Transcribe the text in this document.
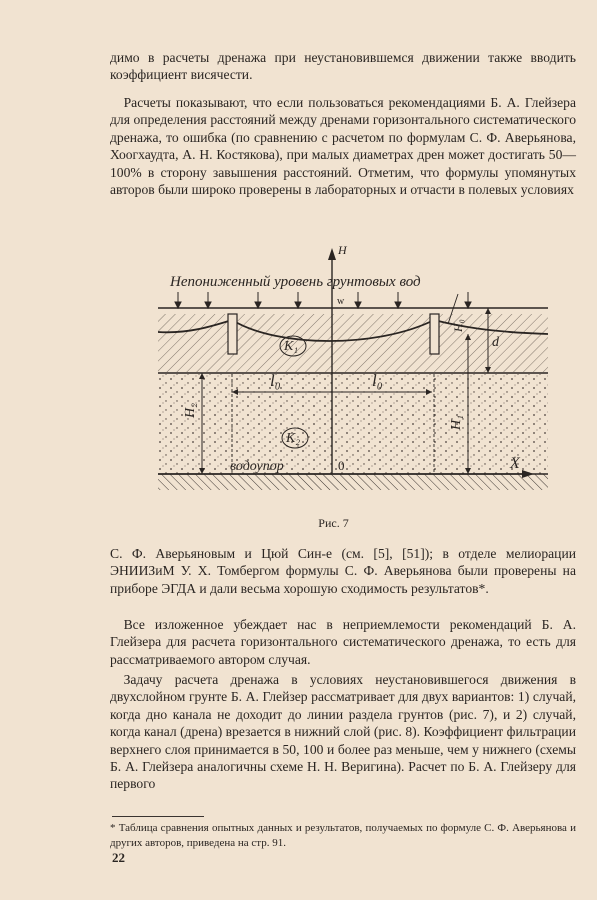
димо в расчеты дренажа при неустановившемся движении также вводить коэффициент висячести.

 Расчеты показывают, что если пользоваться рекомендациями Б. А. Глейзера для определения расстояний между дренами горизонтального систематического дренажа, то ошибка (по сравнению с расчетом по формулам С. Ф. Аверьянова, Хоогхаудта, А. Н. Костякова), при малых диаметрах дрен может достигать 50—100% в сторону завышения расстояний. Отметим, что формулы упомянутых авторов были широко проверены в лабораторных и отчасти в полевых условиях

Непониженный уровень грунтовых вод
Н
w
К₁
К₂
l₀	l₀
Н₂
Н₁
Н₀
d
водоупор	0	Х
Рис. 7

С. Ф. Аверьяновым и Цюй Син-е (см. [5], [51]); в отделе мелиорации ЭНИИЗиМ У. Х. Томбергом формулы С. Ф. Аверьянова были проверены на приборе ЭГДА и дали весьма хорошую сходимость результатов*.

 Все изложенное убеждает нас в неприемлемости рекомендаций Б. А. Глейзера для расчета горизонтального систематического дренажа, то есть для рассматриваемого автором случая.

 Задачу расчета дренажа в условиях неустановившегося движения в двухслойном грунте Б. А. Глейзер рассматривает для двух вариантов: 1) случай, когда дно канала не доходит до линии раздела грунтов (рис. 7), и 2) случай, когда канал (дрена) врезается в нижний слой (рис. 8). Коэффициент фильтрации верхнего слоя принимается в 50, 100 и более раз меньше, чем у нижнего (схемы Б. А. Глейзера аналогичны схеме Н. Н. Веригина). Расчет по Б. А. Глейзеру для первого

* Таблица сравнения опытных данных и результатов, получаемых по формуле С. Ф. Аверьянова и других авторов, приведена на стр. 91.

22
